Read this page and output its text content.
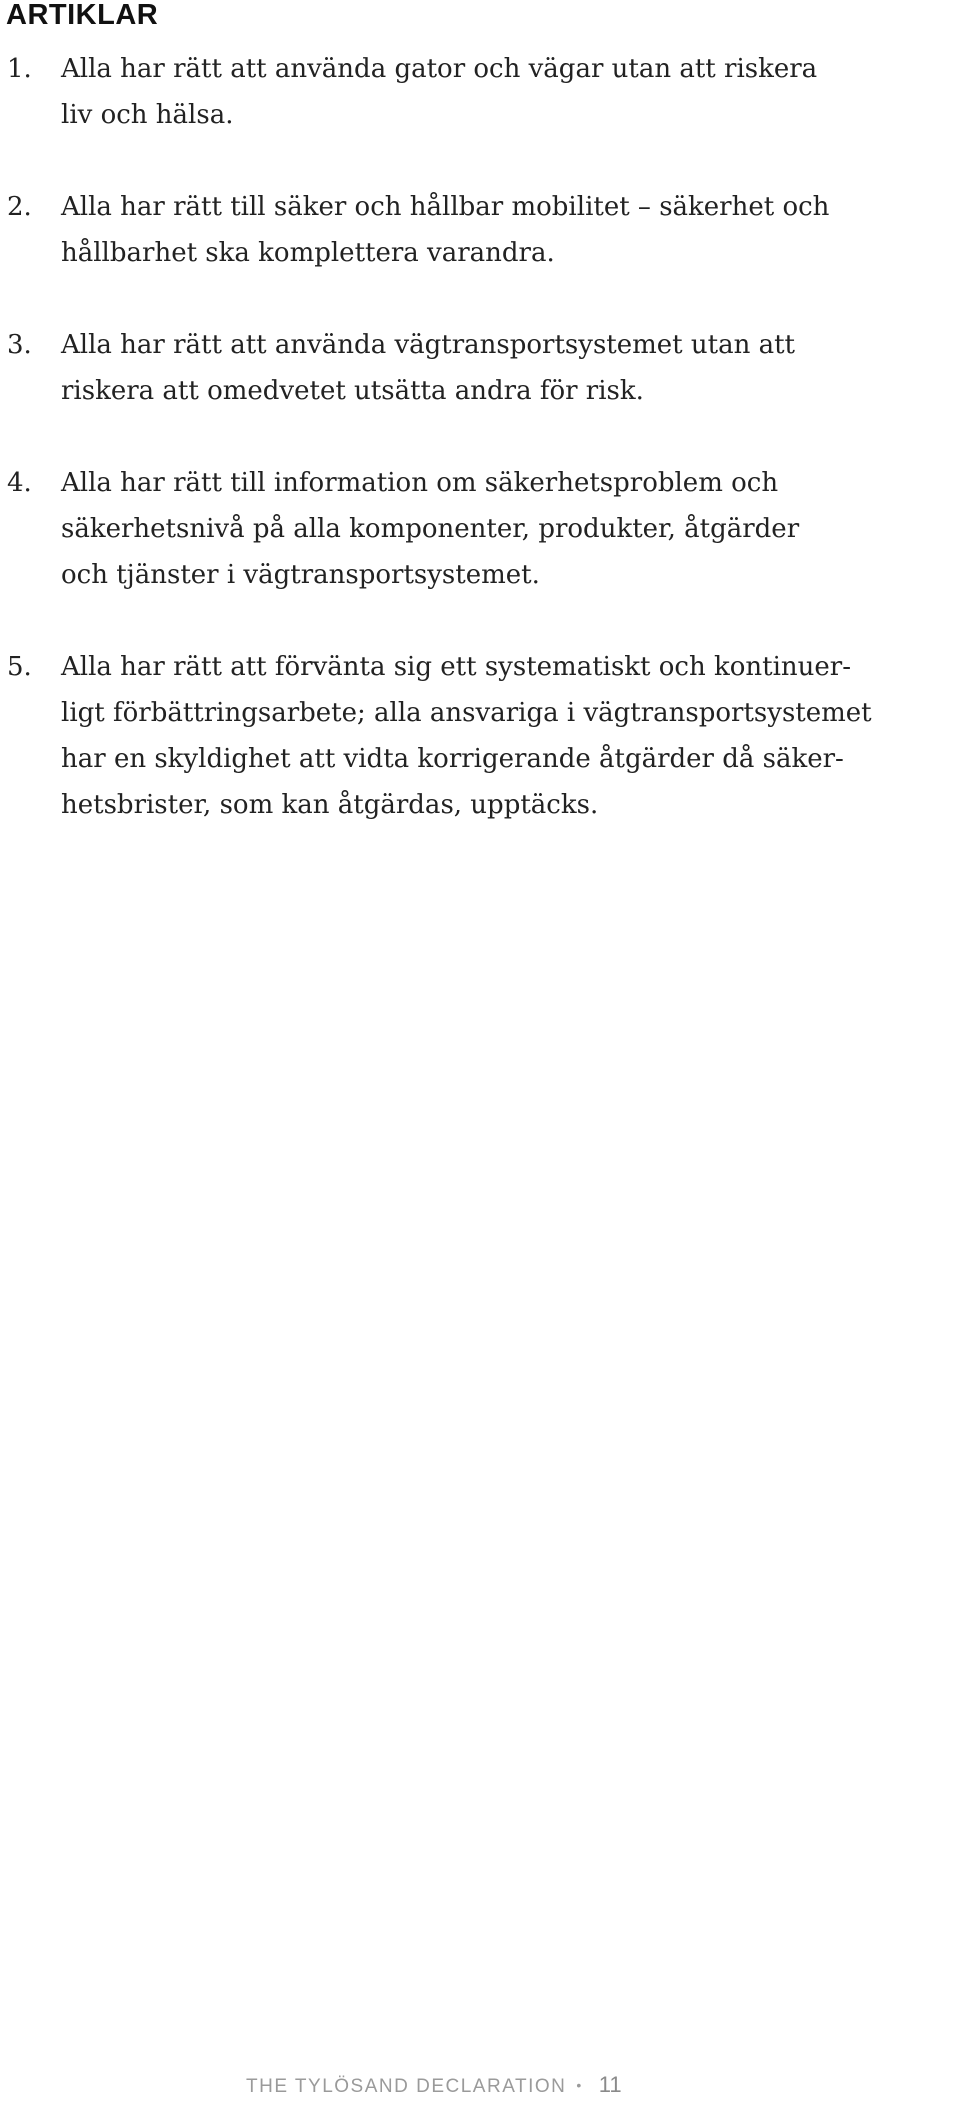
ARTIKLAR
1.	Alla har rätt att använda gator och vägar utan att riskera
liv och hälsa.
2.	Alla har rätt till säker och hållbar mobilitet – säkerhet och
hållbarhet ska komplettera varandra.
3.	Alla har rätt att använda vägtransportsystemet utan att
riskera att omedvetet utsätta andra för risk.
4.	Alla har rätt till information om säkerhetsproblem och
säkerhetsnivå på alla komponenter, produkter, åtgärder
och tjänster i vägtransportsystemet.
5.	Alla har rätt att förvänta sig ett systematiskt och kontinuer-
ligt förbättringsarbete; alla ansvariga i vägtransportsystemet
har en skyldighet att vidta korrigerande åtgärder då säker-
hetsbrister, som kan åtgärdas, upptäcks.
THE TYLÖSAND DECLARATION • 11
